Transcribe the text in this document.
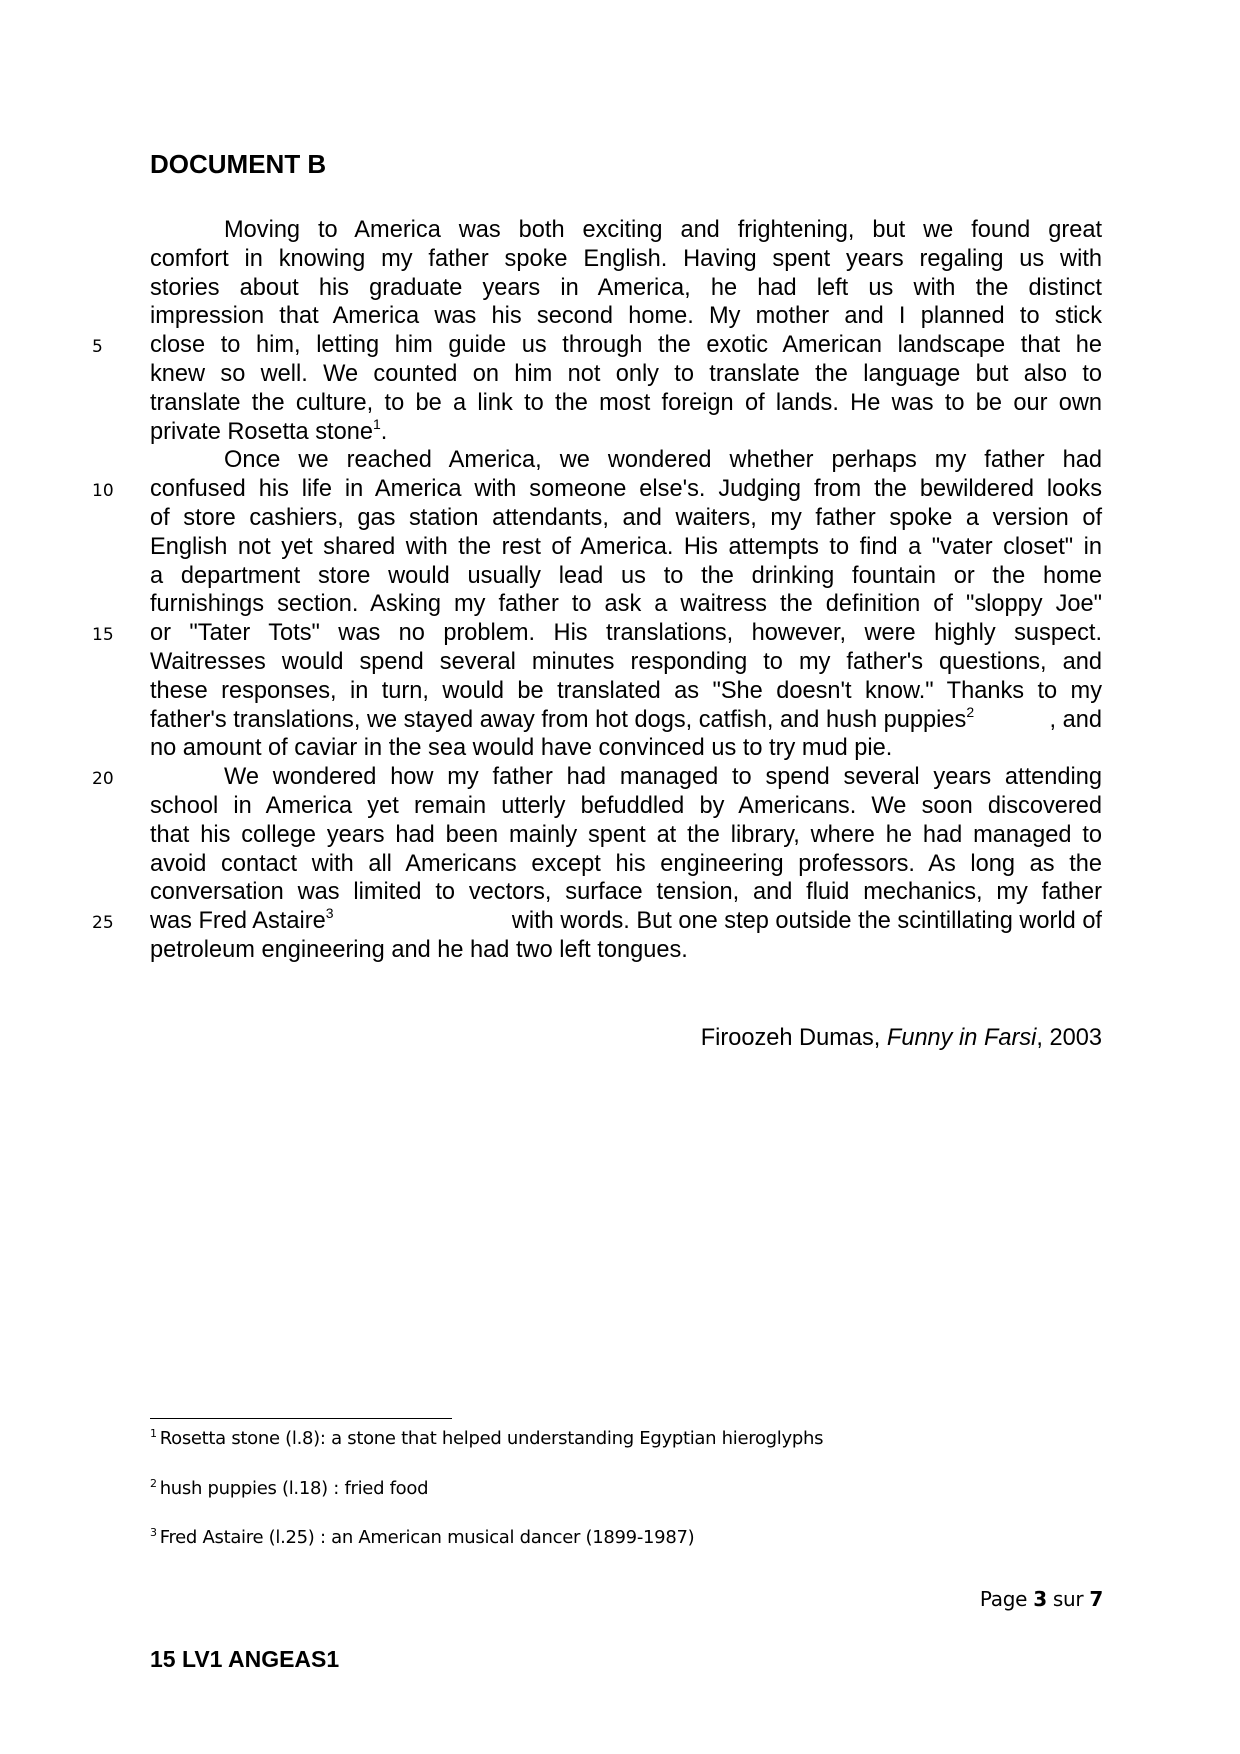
DOCUMENT B
5
10
15
20
25
Moving to America was both exciting and frightening, but we found great
comfort in knowing my father spoke English. Having spent years regaling us with
stories about his graduate years in America, he had left us with the distinct
impression that America was his second home. My mother and I planned to stick
close to him, letting him guide us through the exotic American landscape that he
knew so well. We counted on him not only to translate the language but also to
translate the culture, to be a link to the most foreign of lands. He was to be our own
private Rosetta stone$^1$.
Once we reached America, we wondered whether perhaps my father had
confused his life in America with someone else's. Judging from the bewildered looks
of store cashiers, gas station attendants, and waiters, my father spoke a version of
English not yet shared with the rest of America. His attempts to find a "vater closet" in
a department store would usually lead us to the drinking fountain or the home
furnishings section. Asking my father to ask a waitress the definition of "sloppy Joe"
or "Tater Tots" was no problem. His translations, however, were highly suspect.
Waitresses would spend several minutes responding to my father's questions, and
these responses, in turn, would be translated as "She doesn't know." Thanks to my
father's translations, we stayed away from hot dogs, catfish, and hush puppies$^2$	, and
no amount of caviar in the sea would have convinced us to try mud pie.
We wondered how my father had managed to spend several years attending
school in America yet remain utterly befuddled by Americans. We soon discovered
that his college years had been mainly spent at the library, where he had managed to
avoid contact with all Americans except his engineering professors. As long as the
conversation was limited to vectors, surface tension, and fluid mechanics, my father
was Fred Astaire$^3$	with words. But one step outside the scintillating world of
petroleum engineering and he had two left tongues.
Firoozeh Dumas, Funny in Farsi, 2003
$^1$ Rosetta stone (l.8): a stone that helped understanding Egyptian hieroglyphs
$^2$ hush puppies (l.18) : fried food
$^3$ Fred Astaire (l.25) : an American musical dancer (1899-1987)
Page 3 sur 7
15 LV1 ANGEAS1
